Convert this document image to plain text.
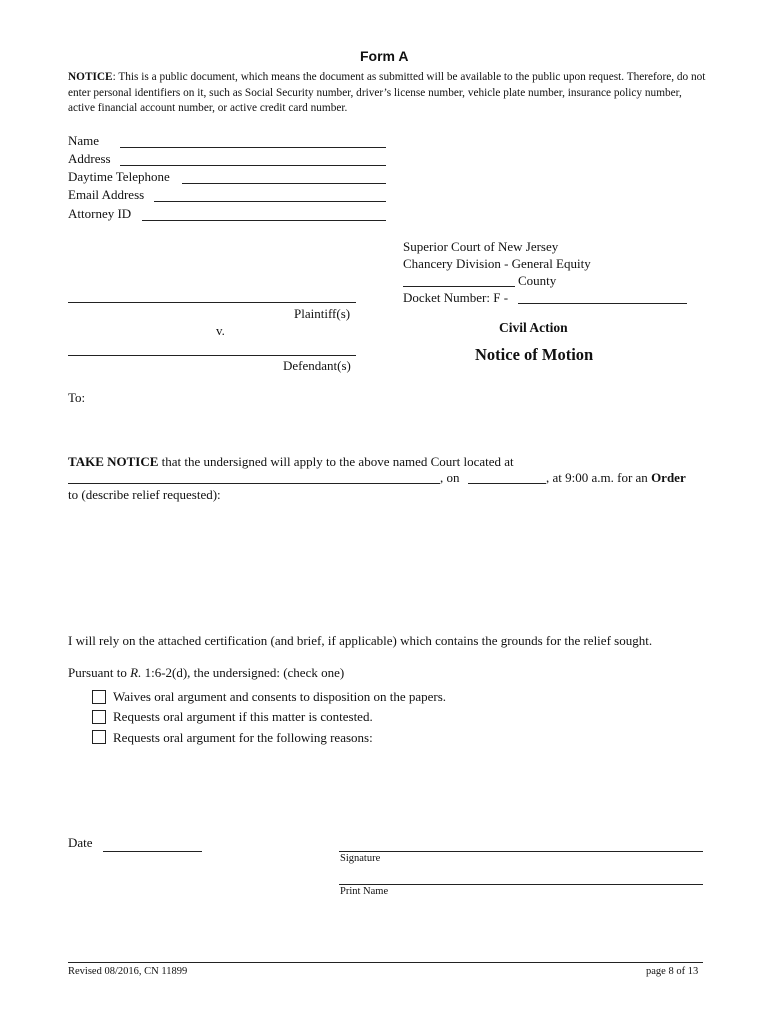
Form A
NOTICE: This is a public document, which means the document as submitted will be available to the public upon request. Therefore, do not enter personal identifiers on it, such as Social Security number, driver’s license number, vehicle plate number, insurance policy number, active financial account number, or active credit card number.
Name
Address
Daytime Telephone
Email Address
Attorney ID
Superior Court of New Jersey
Chancery Division - General Equity
County
Docket Number: F -
Plaintiff(s)
v.
Defendant(s)
Civil Action
Notice of Motion
To:
TAKE NOTICE that the undersigned will apply to the above named Court located at
, on	, at 9:00 a.m. for an Order
to (describe relief requested):
I will rely on the attached certification (and brief, if applicable) which contains the grounds for the relief sought.
Pursuant to R. 1:6-2(d), the undersigned: (check one)
Waives oral argument and consents to disposition on the papers.
Requests oral argument if this matter is contested.
Requests oral argument for the following reasons:
Date
Signature
Print Name
Revised 08/2016, CN 11899	page 8 of 13
